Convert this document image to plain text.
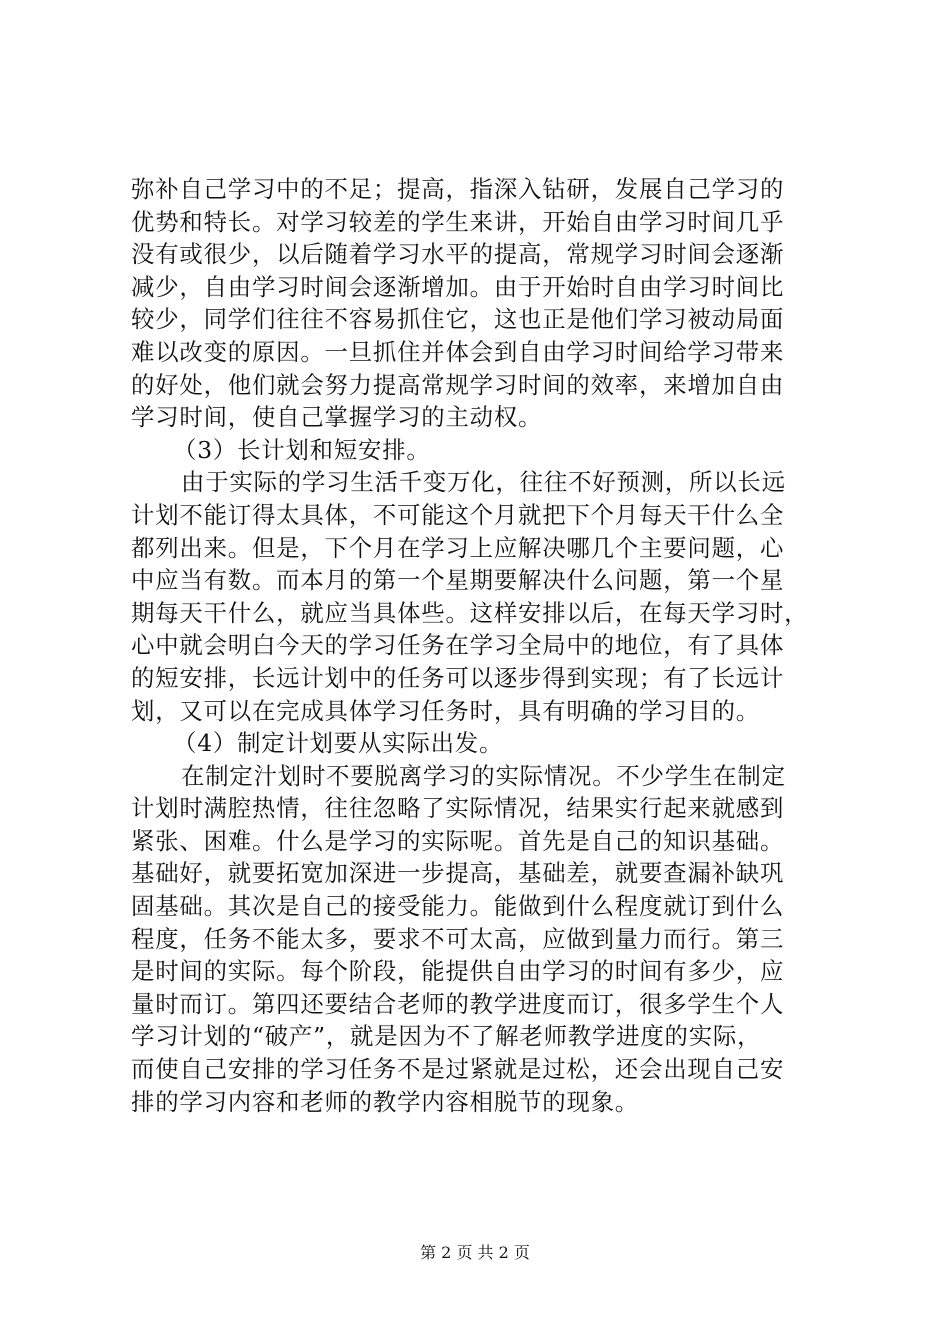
弥补自己学习中的不足；提高，指深入钻研，发展自己学习的
优势和特长。对学习较差的学生来讲，开始自由学习时间几乎
没有或很少，以后随着学习水平的提高，常规学习时间会逐渐
减少，自由学习时间会逐渐增加。由于开始时自由学习时间比
较少，同学们往往不容易抓住它，这也正是他们学习被动局面
难以改变的原因。一旦抓住并体会到自由学习时间给学习带来
的好处，他们就会努力提高常规学习时间的效率，来增加自由
学习时间，使自己掌握学习的主动权。
（3）长计划和短安排。
由于实际的学习生活千变万化，往往不好预测，所以长远
计划不能订得太具体，不可能这个月就把下个月每天干什么全
都列出来。但是，下个月在学习上应解决哪几个主要问题，心
中应当有数。而本月的第一个星期要解决什么问题，第一个星
期每天干什么，就应当具体些。这样安排以后，在每天学习时，
心中就会明白今天的学习任务在学习全局中的地位，有了具体
的短安排，长远计划中的任务可以逐步得到实现；有了长远计
划，又可以在完成具体学习任务时，具有明确的学习目的。
（4）制定计划要从实际出发。
在制定汁划时不要脱离学习的实际情况。不少学生在制定
计划时满腔热情，往往忽略了实际情况，结果实行起来就感到
紧张、困难。什么是学习的实际呢。首先是自己的知识基础。
基础好，就要拓宽加深进一步提高，基础差，就要查漏补缺巩
固基础。其次是自己的接受能力。能做到什么程度就订到什么
程度，任务不能太多，要求不可太高，应做到量力而行。第三
是时间的实际。每个阶段，能提供自由学习的时间有多少，应
量时而订。第四还要结合老师的教学进度而订，很多学生个人
学习计划的“破产”，就是因为不了解老师教学进度的实际，
而使自己安排的学习任务不是过紧就是过松，还会出现自己安
排的学习内容和老师的教学内容相脱节的现象。
第 2 页 共 2 页
